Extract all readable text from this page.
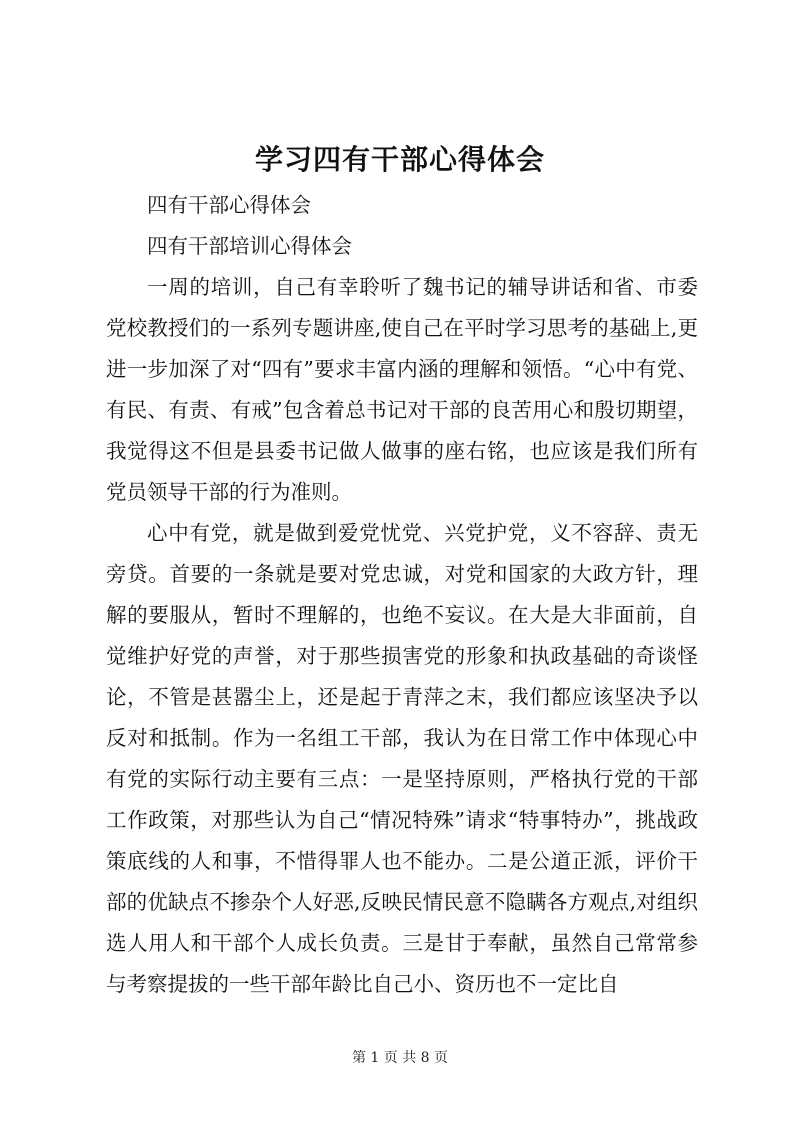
学习四有干部心得体会

四有干部心得体会

四有干部培训心得体会

一周的培训，自己有幸聆听了魏书记的辅导讲话和省、市委党校教授们的一系列专题讲座,使自己在平时学习思考的基础上,更进一步加深了对“四有”要求丰富内涵的理解和领悟。“心中有党、有民、有责、有戒”包含着总书记对干部的良苦用心和殷切期望，我觉得这不但是县委书记做人做事的座右铭，也应该是我们所有党员领导干部的行为准则。

心中有党，就是做到爱党忧党、兴党护党，义不容辞、责无旁贷。首要的一条就是要对党忠诚，对党和国家的大政方针，理解的要服从，暂时不理解的，也绝不妄议。在大是大非面前，自觉维护好党的声誉，对于那些损害党的形象和执政基础的奇谈怪论，不管是甚嚣尘上，还是起于青萍之末，我们都应该坚决予以反对和抵制。作为一名组工干部，我认为在日常工作中体现心中有党的实际行动主要有三点：一是坚持原则，严格执行党的干部工作政策，对那些认为自己“情况特殊”请求“特事特办”，挑战政策底线的人和事，不惜得罪人也不能办。二是公道正派，评价干部的优缺点不掺杂个人好恶,反映民情民意不隐瞒各方观点,对组织选人用人和干部个人成长负责。三是甘于奉献，虽然自己常常参与考察提拔的一些干部年龄比自己小、资历也不一定比自

第 1 页 共 8 页
